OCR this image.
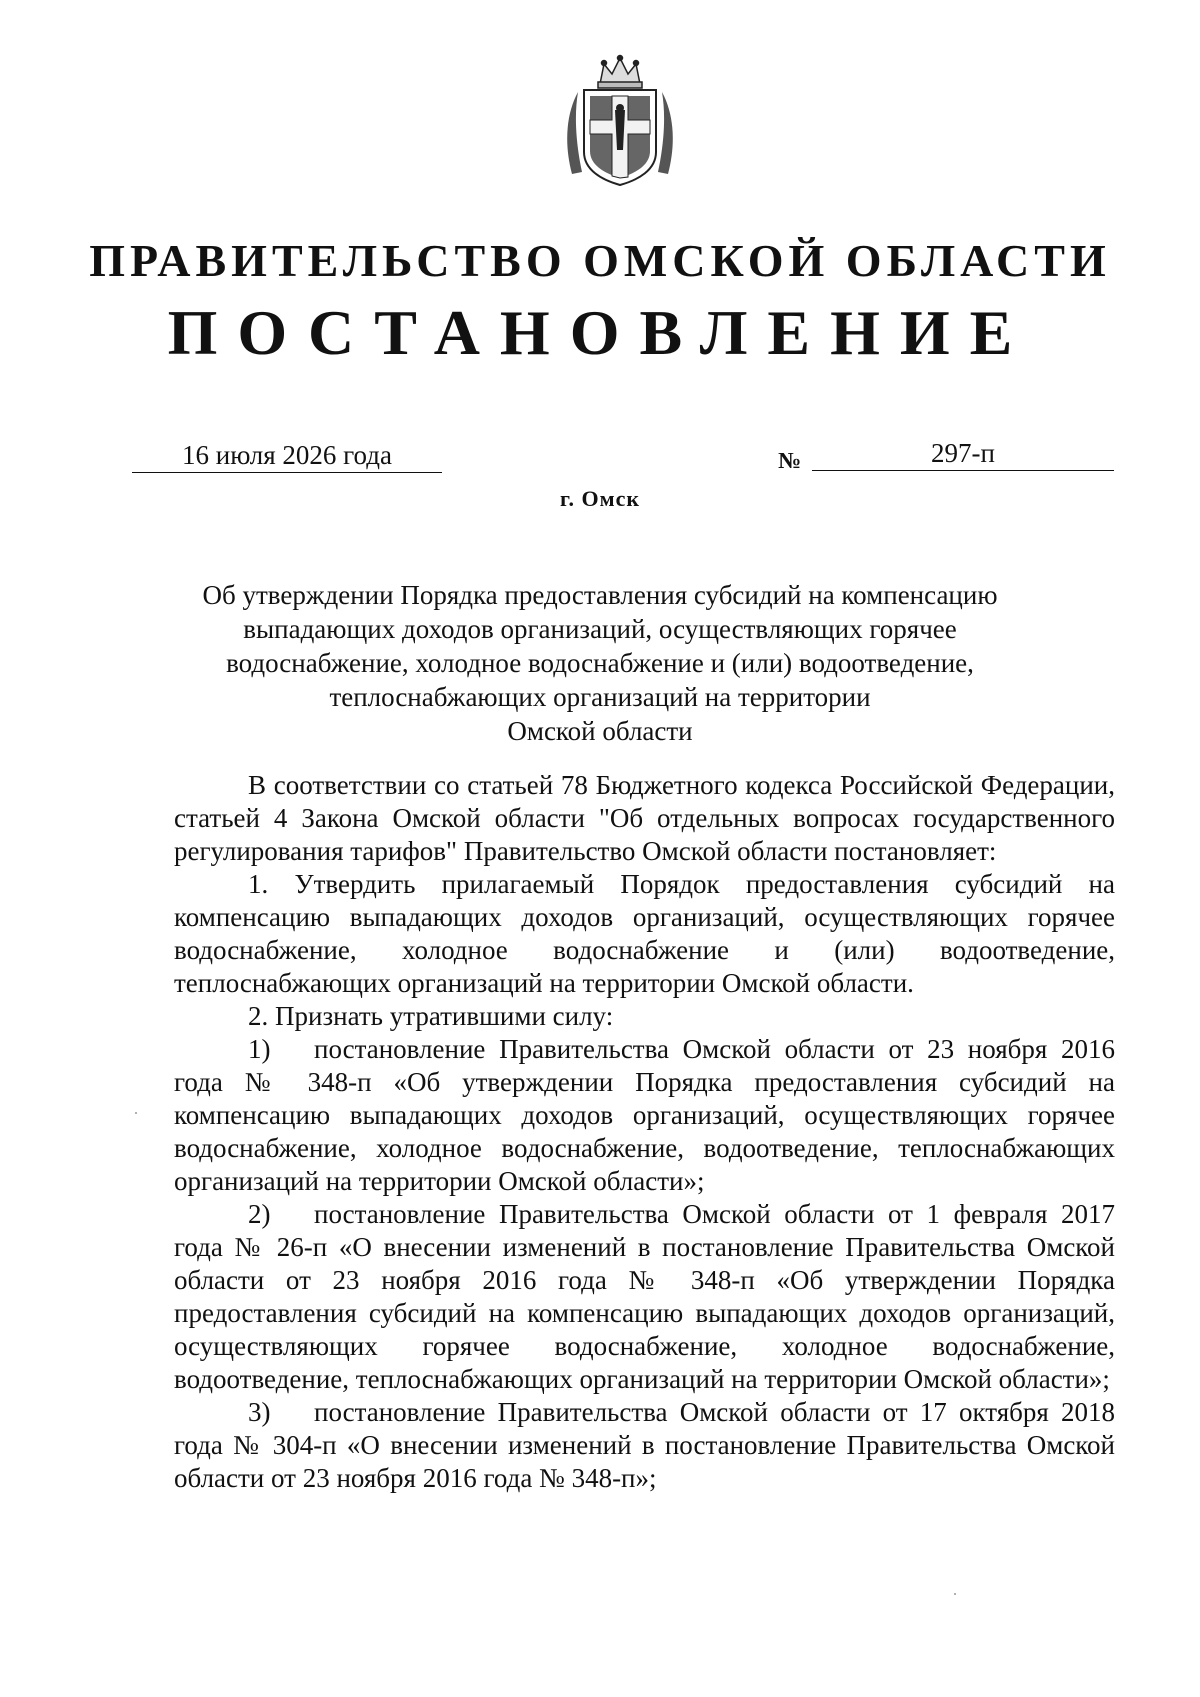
ПРАВИТЕЛЬСТВО ОМСКОЙ ОБЛАСТИ
ПОСТАНОВЛЕНИЕ
16 июля 2026 года	№	297-п
г. Омск
Об утверждении Порядка предоставления субсидий на компенсацию
выпадающих доходов организаций, осуществляющих горячее
водоснабжение, холодное водоснабжение и (или) водоотведение,
теплоснабжающих организаций на территории
Омской области

В соответствии со статьей 78 Бюджетного кодекса Российской Федерации, статьей 4 Закона Омской области "Об отдельных вопросах государственного регулирования тарифов" Правительство Омской области постановляет:

1. Утвердить прилагаемый Порядок предоставления субсидий на компенсацию выпадающих доходов организаций, осуществляющих горячее водоснабжение, холодное водоснабжение и (или) водоотведение, теплоснабжающих организаций на территории Омской области.

2. Признать утратившими силу:

1) постановление Правительства Омской области от 23 ноября 2016 года № 348-п «Об утверждении Порядка предоставления субсидий на компенсацию выпадающих доходов организаций, осуществляющих горячее водоснабжение, холодное водоснабжение, водоотведение, теплоснабжающих организаций на территории Омской области»;

2) постановление Правительства Омской области от 1 февраля 2017 года № 26-п «О внесении изменений в постановление Правительства Омской области от 23 ноября 2016 года № 348-п «Об утверждении Порядка предоставления субсидий на компенсацию выпадающих доходов организаций, осуществляющих горячее водоснабжение, холодное водоснабжение, водоотведение, теплоснабжающих организаций на территории Омской области»;

3) постановление Правительства Омской области от 17 октября 2018 года № 304-п «О внесении изменений в постановление Правительства Омской области от 23 ноября 2016 года № 348-п»;
